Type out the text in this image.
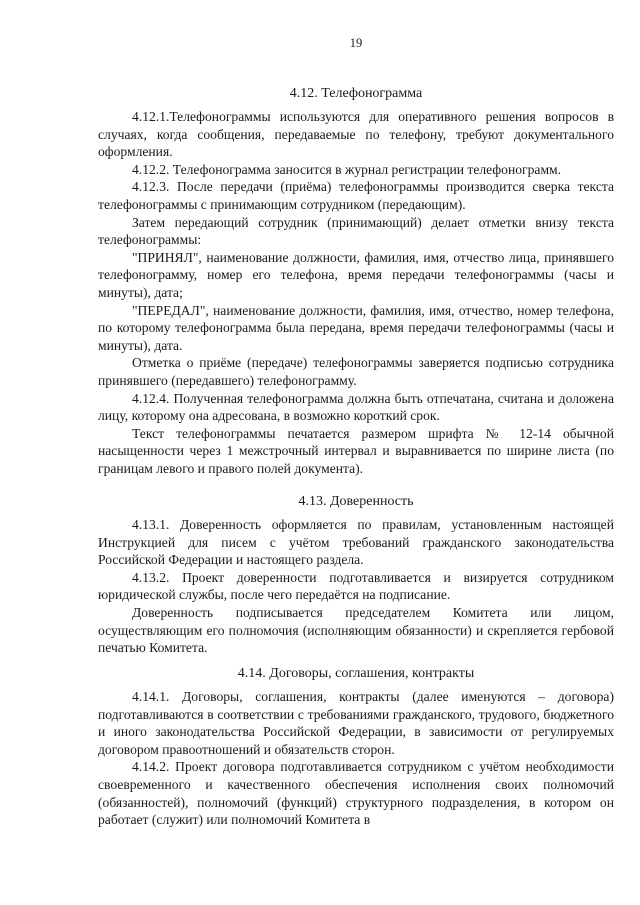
19
4.12. Телефонограмма

4.12.1.Телефонограммы используются для оперативного решения вопросов в случаях, когда сообщения, передаваемые по телефону, требуют документального оформления.

4.12.2. Телефонограмма заносится в журнал регистрации телефонограмм.

4.12.3. После передачи (приёма) телефонограммы производится сверка текста телефонограммы с принимающим сотрудником (передающим).

Затем передающий сотрудник (принимающий) делает отметки внизу текста телефонограммы:

"ПРИНЯЛ", наименование должности, фамилия, имя, отчество лица, принявшего телефонограмму, номер его телефона, время передачи телефонограммы (часы и минуты), дата;

"ПЕРЕДАЛ", наименование должности, фамилия, имя, отчество, номер телефона, по которому телефонограмма была передана, время передачи телефонограммы (часы и минуты), дата.

Отметка о приёме (передаче) телефонограммы заверяется подписью сотрудника принявшего (передавшего) телефонограмму.

4.12.4. Полученная телефонограмма должна быть отпечатана, считана и доложена лицу, которому она адресована, в возможно короткий срок.

Текст телефонограммы печатается размером шрифта № 12-14 обычной насыщенности через 1 межстрочный интервал и выравнивается по ширине листа (по границам левого и правого полей документа).

4.13. Доверенность

4.13.1. Доверенность оформляется по правилам, установленным настоящей Инструкцией для писем с учётом требований гражданского законодательства Российской Федерации и настоящего раздела.

4.13.2. Проект доверенности подготавливается и визируется сотрудником юридической службы, после чего передаётся на подписание.

Доверенность подписывается председателем Комитета или лицом, осуществляющим его полномочия (исполняющим обязанности) и скрепляется гербовой печатью Комитета.

4.14. Договоры, соглашения, контракты

4.14.1. Договоры, соглашения, контракты (далее именуются – договора) подготавливаются в соответствии с требованиями гражданского, трудового, бюджетного и иного законодательства Российской Федерации, в зависимости от регулируемых договором правоотношений и обязательств сторон.

4.14.2. Проект договора подготавливается сотрудником с учётом необходимости своевременного и качественного обеспечения исполнения своих полномочий (обязанностей), полномочий (функций) структурного подразделения, в котором он работает (служит) или полномочий Комитета в
